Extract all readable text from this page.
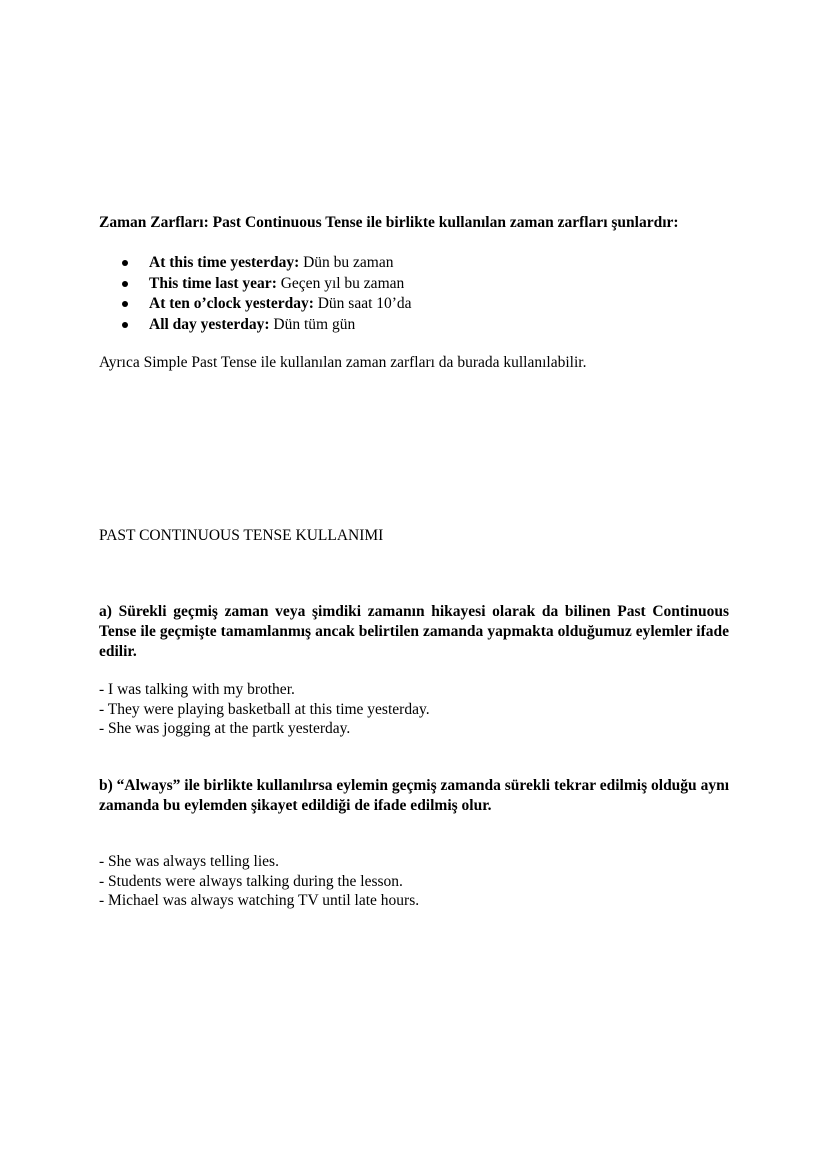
Zaman Zarfları: Past Continuous Tense ile birlikte kullanılan zaman zarfları şunlardır:
At this time yesterday: Dün bu zaman
This time last year: Geçen yıl bu zaman
At ten o’clock yesterday: Dün saat 10’da
All day yesterday: Dün tüm gün
Ayrıca Simple Past Tense ile kullanılan zaman zarfları da burada kullanılabilir.
PAST CONTINUOUS TENSE KULLANIMI
a) Sürekli geçmiş zaman veya şimdiki zamanın hikayesi olarak da bilinen Past Continuous Tense ile geçmişte tamamlanmış ancak belirtilen zamanda yapmakta olduğumuz eylemler ifade edilir.
- I was talking with my brother.
- They were playing basketball at this time yesterday.
- She was jogging at the partk yesterday.
b) “Always” ile birlikte kullanılırsa eylemin geçmiş zamanda sürekli tekrar edilmiş olduğu aynı zamanda bu eylemden şikayet edildiği de ifade edilmiş olur.
- She was always telling lies.
- Students were always talking during the lesson.
- Michael was always watching TV until late hours.
